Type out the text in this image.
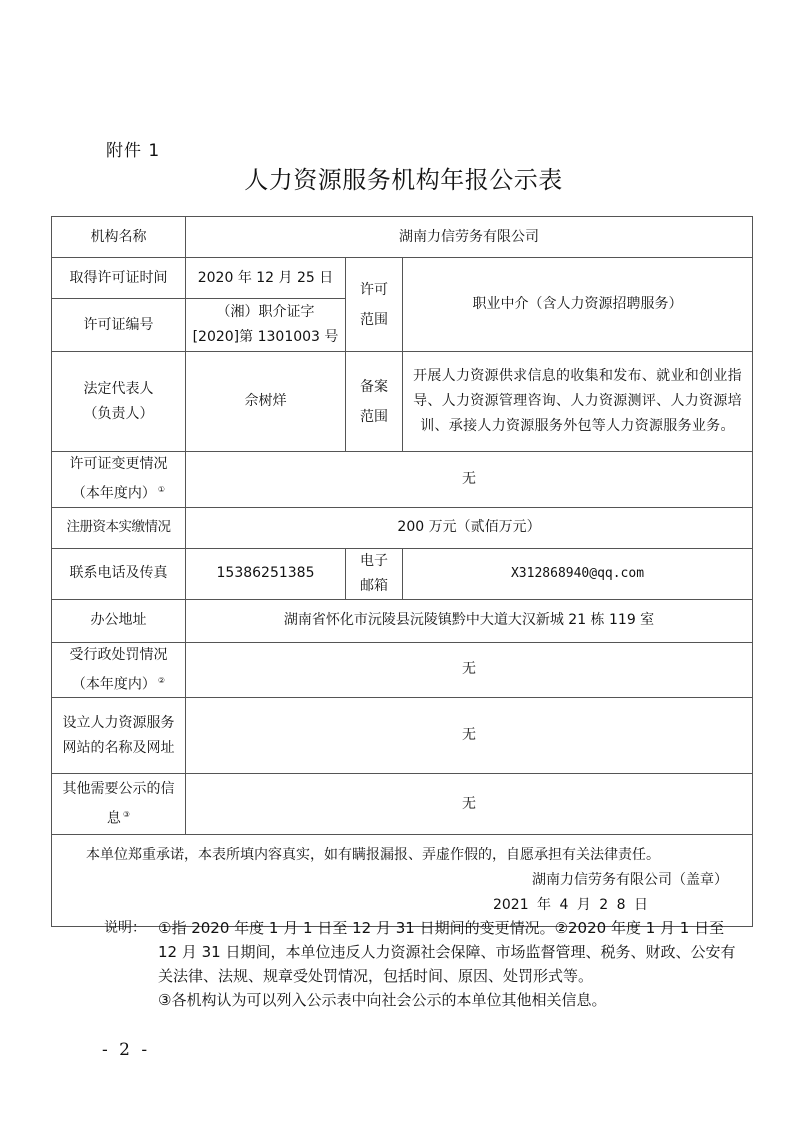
附件 1
人力资源服务机构年报公示表
机构名称	湖南力信劳务有限公司		
取得许可证时间	2020 年 12 月 25 日	许可范围	职业中介（含人力资源招聘服务）
许可证编号	（湘）职介证字
[2020]第 1301003 号		

法定代表人
（负责人）	佘树烊	备案范围	开展人力资源供求信息的收集和发布、就业和创业指导、人力资源管理咨询、人力资源测评、人力资源培训、承接人力资源服务外包等人力资源服务业务。

许可证变更情况
（本年度内） ①	无		
注册资本实缴情况	200 万元（贰佰万元）		
联系电话及传真	15386251385	电子邮箱	X312868940@qq.com
办公地址	湖南省怀化市沅陵县沅陵镇黔中大道大汉新城 21 栋 119 室		

受行政处罚情况
（本年度内） ②	无		
设立人力资源服务网站的名称及网址	无		
其他需要公示的信息 ③	无		

本单位郑重承诺，本表所填内容真实，如有瞒报漏报、弄虚作假的，自愿承担有关法律责任。
湖南力信劳务有限公司（盖章）
2021 年 4 月 2 8 日			
说明： ①指 2020 年度 1 月 1 日至 12 月 31 日期间的变更情况。②2020 年度 1 月 1 日至 12 月 31 日期间，本单位违反人力资源社会保障、市场监督管理、税务、财政、公安有关法律、法规、规章受处罚情况，包括时间、原因、处罚形式等。
③各机构认为可以列入公示表中向社会公示的本单位其他相关信息。
- 2 -
